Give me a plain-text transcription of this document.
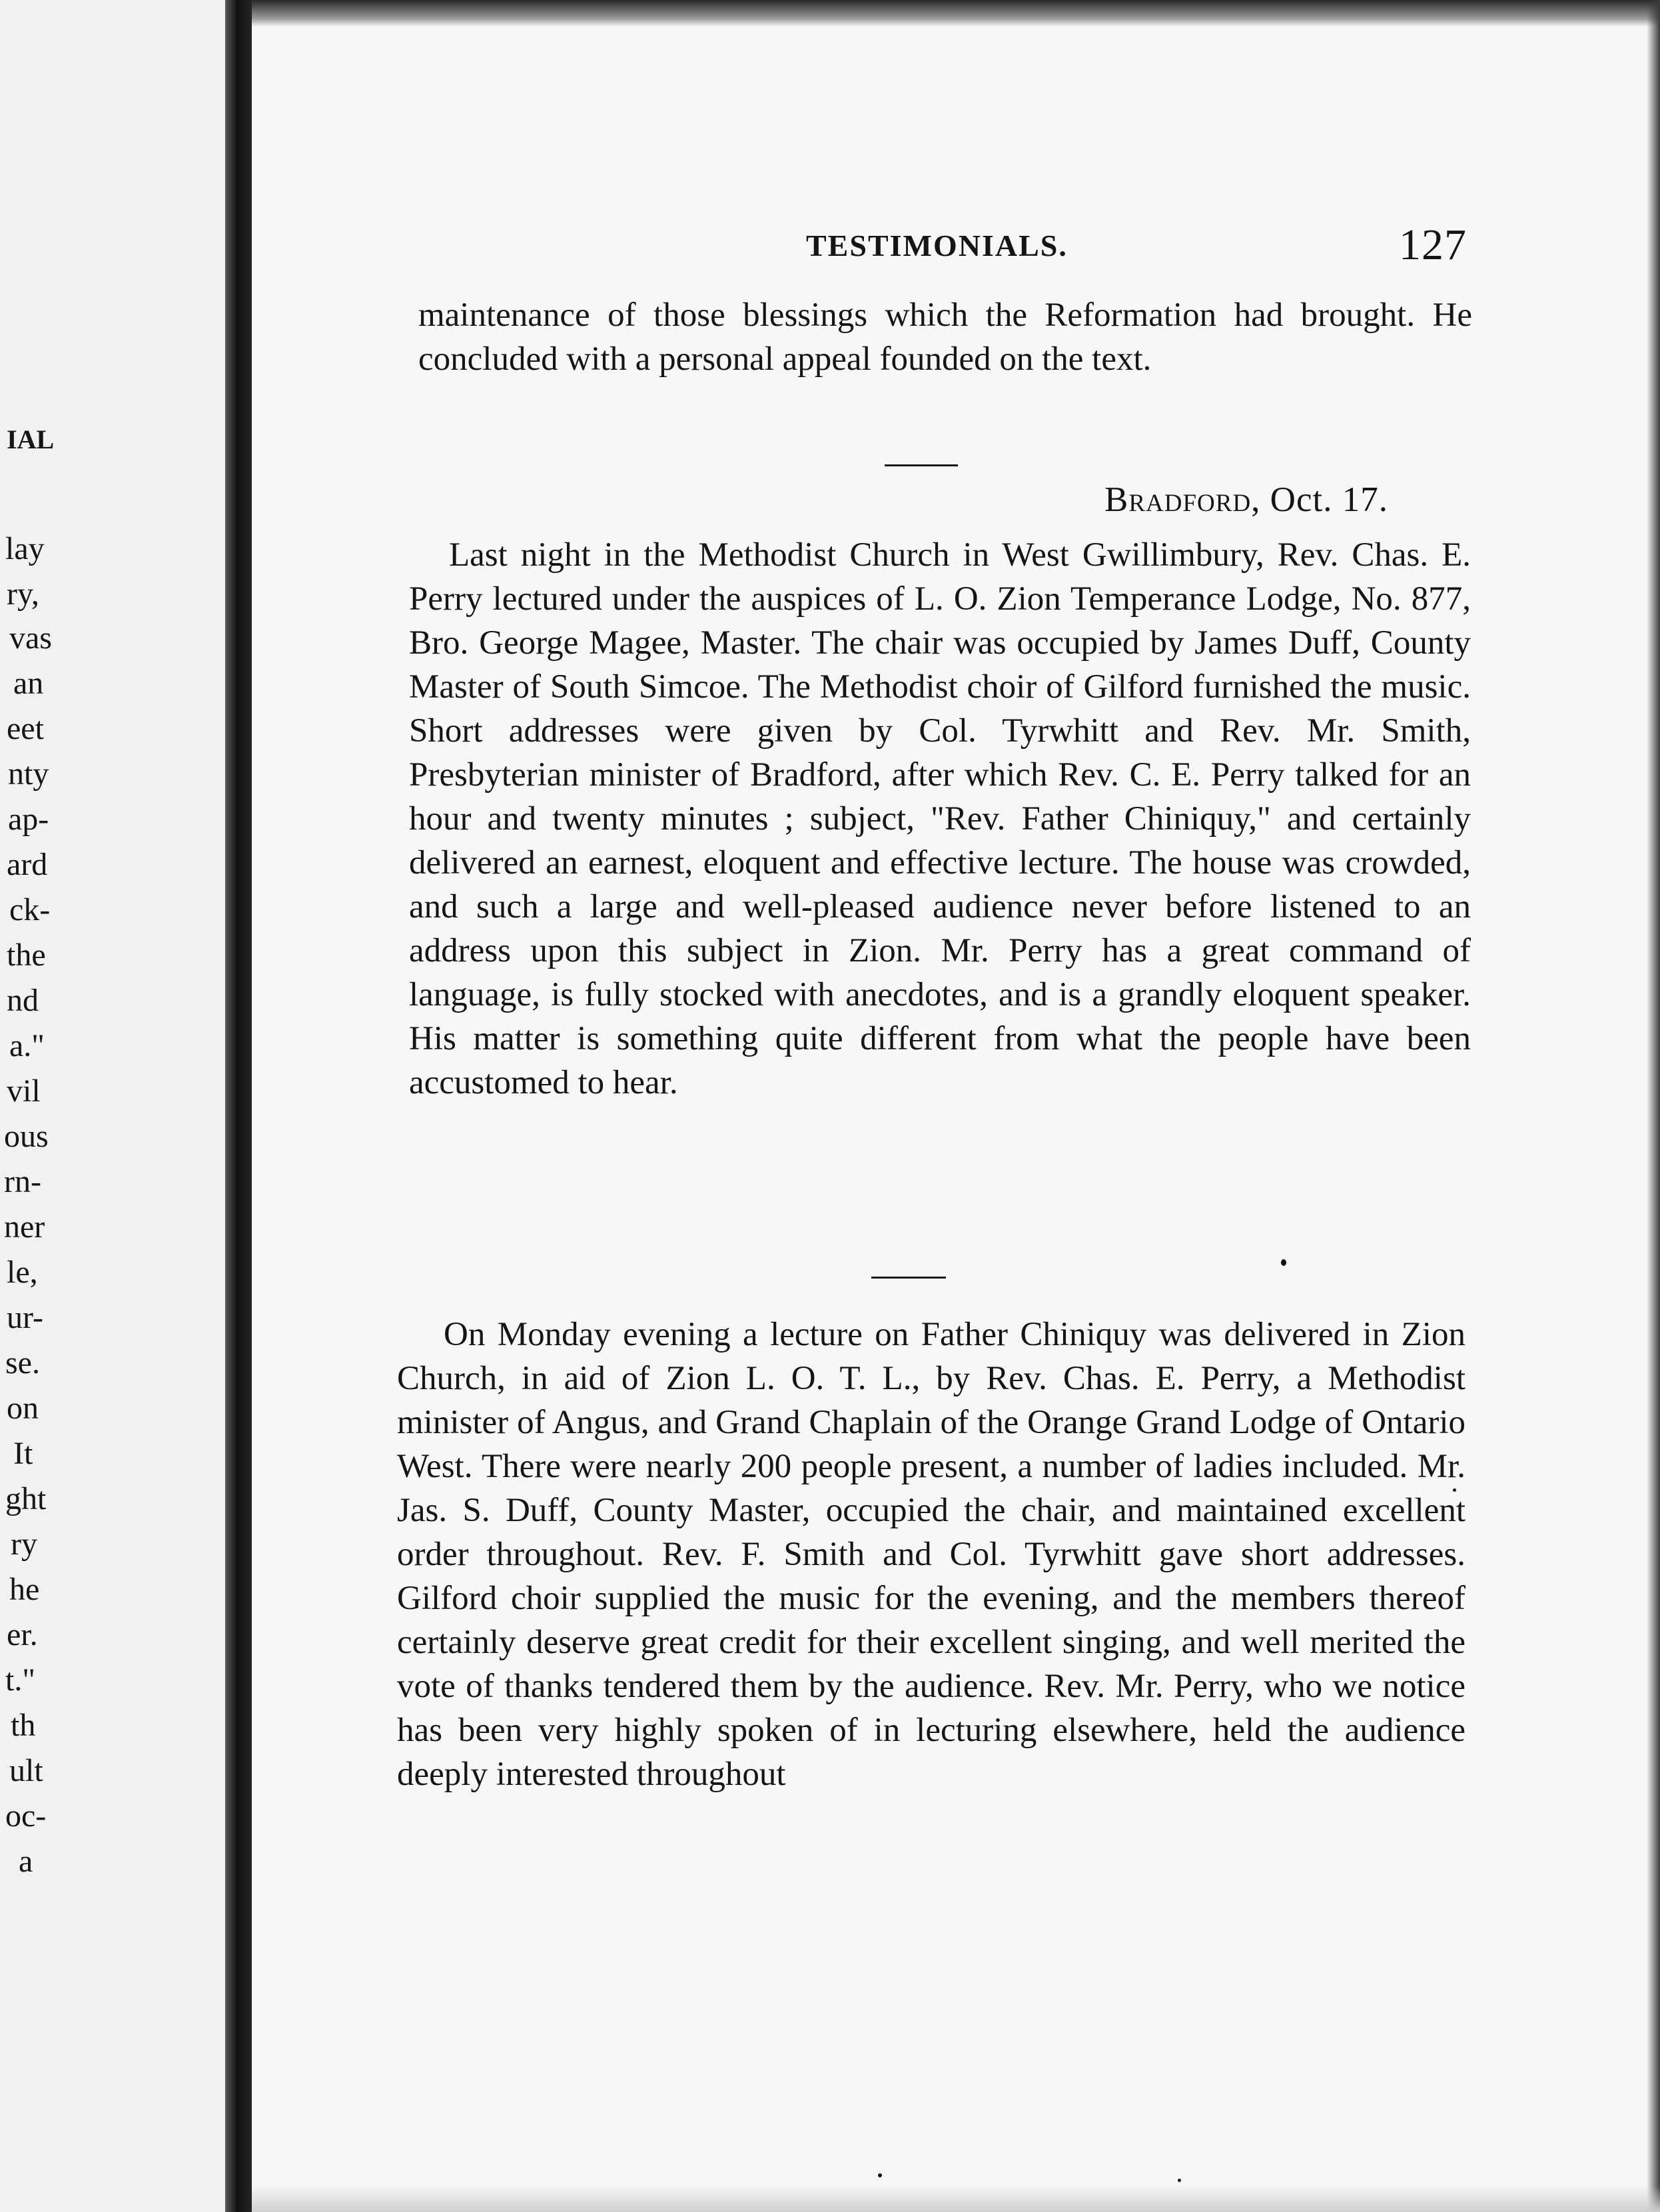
IAL
lay
ry,
vas
an
eet
nty
ap-
ard
ck-
the
nd
a."
vil
ous
rn-
ner
le,
ur-
se.
on
It
ght
ry
he
er.
t."
th
ult
oc-
a
TESTIMONIALS.	127

maintenance of those blessings which the Reformation had brought. He concluded with a personal appeal founded on the text.

Bradford, Oct. 17.

Last night in the Methodist Church in West Gwillimbury, Rev. Chas. E. Perry lectured under the auspices of L. O. Zion Temperance Lodge, No. 877, Bro. George Magee, Master. The chair was occupied by James Duff, County Master of South Simcoe. The Methodist choir of Gilford furnished the music. Short addresses were given by Col. Tyrwhitt and Rev. Mr. Smith, Presbyterian minister of Bradford, after which Rev. C. E. Perry talked for an hour and twenty minutes ; subject, "Rev. Father Chiniquy," and certainly delivered an earnest, eloquent and effective lecture. The house was crowded, and such a large and well-pleased audience never before listened to an address upon this subject in Zion. Mr. Perry has a great command of language, is fully stocked with anecdotes, and is a grandly eloquent speaker. His matter is something quite different from what the people have been accustomed to hear.

On Monday evening a lecture on Father Chiniquy was delivered in Zion Church, in aid of Zion L. O. T. L., by Rev. Chas. E. Perry, a Methodist minister of Angus, and Grand Chaplain of the Orange Grand Lodge of Ontario West. There were nearly 200 people present, a number of ladies included. Mr. Jas. S. Duff, County Master, occupied the chair, and maintained excellent order throughout. Rev. F. Smith and Col. Tyrwhitt gave short addresses. Gilford choir supplied the music for the evening, and the members thereof certainly deserve great credit for their excellent singing, and well merited the vote of thanks tendered them by the audience. Rev. Mr. Perry, who we notice has been very highly spoken of in lecturing elsewhere, held the audience deeply interested throughout
